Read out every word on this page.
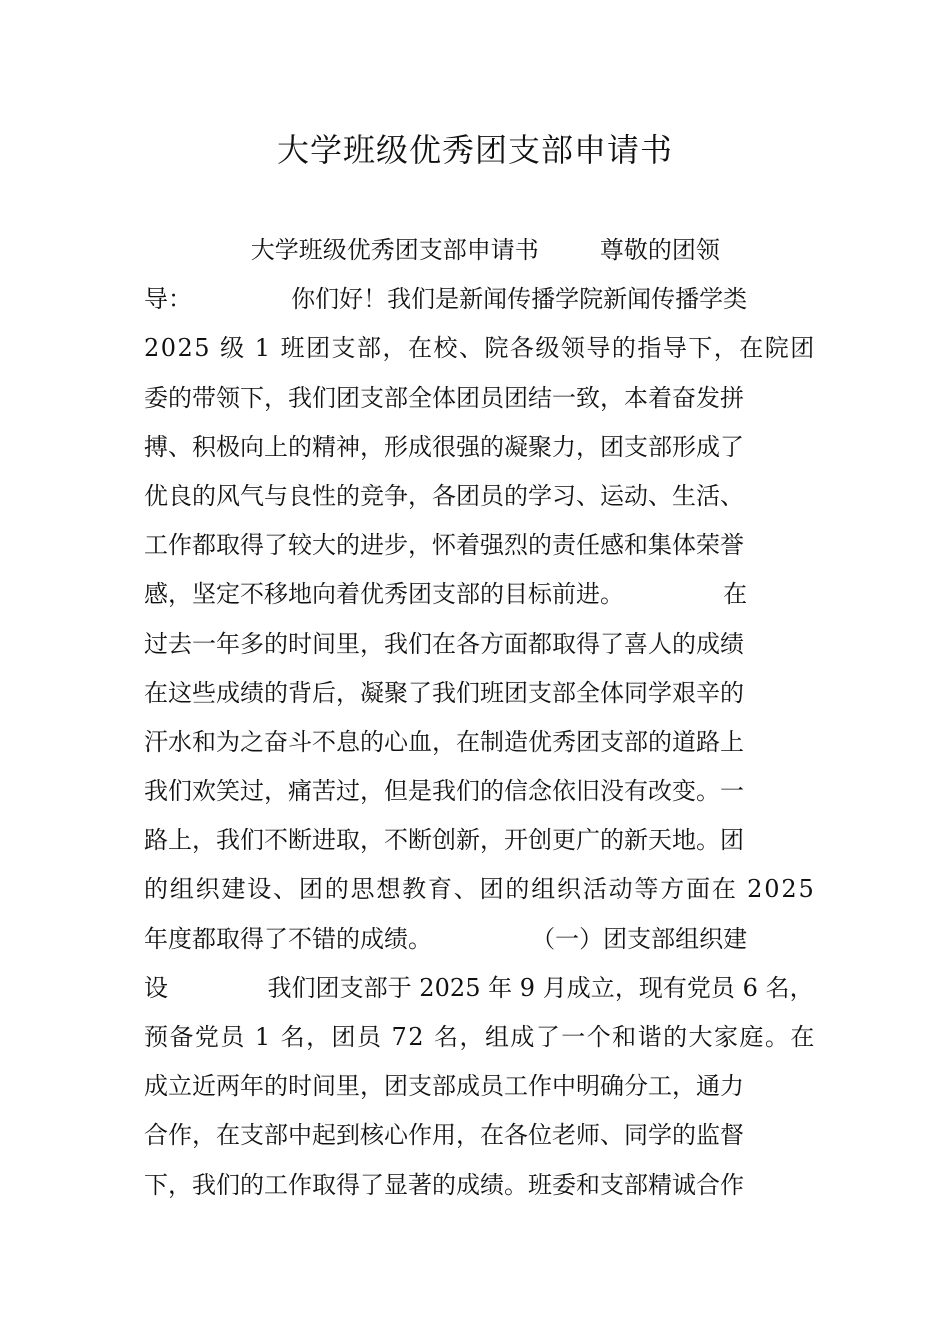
大学班级优秀团支部申请书
大学班级优秀团支部申请书        尊敬的团领
导：             你们好！我们是新闻传播学院新闻传播学类
2025 级 1 班团支部，在校、院各级领导的指导下，在院团
委的带领下，我们团支部全体团员团结一致，本着奋发拼
搏、积极向上的精神，形成很强的凝聚力，团支部形成了
优良的风气与良性的竞争，各团员的学习、运动、生活、
工作都取得了较大的进步，怀着强烈的责任感和集体荣誉
感，坚定不移地向着优秀团支部的目标前进。             在
过去一年多的时间里，我们在各方面都取得了喜人的成绩
在这些成绩的背后，凝聚了我们班团支部全体同学艰辛的
汗水和为之奋斗不息的心血，在制造优秀团支部的道路上
我们欢笑过，痛苦过，但是我们的信念依旧没有改变。一
路上，我们不断进取，不断创新，开创更广的新天地。团
的组织建设、团的思想教育、团的组织活动等方面在 2025
年度都取得了不错的成绩。             （一）团支部组织建
设             我们团支部于 2025 年 9 月成立，现有党员 6 名，
预备党员 1 名，团员 72 名，组成了一个和谐的大家庭。在
成立近两年的时间里，团支部成员工作中明确分工，通力
合作，在支部中起到核心作用，在各位老师、同学的监督
下，我们的工作取得了显著的成绩。班委和支部精诚合作
